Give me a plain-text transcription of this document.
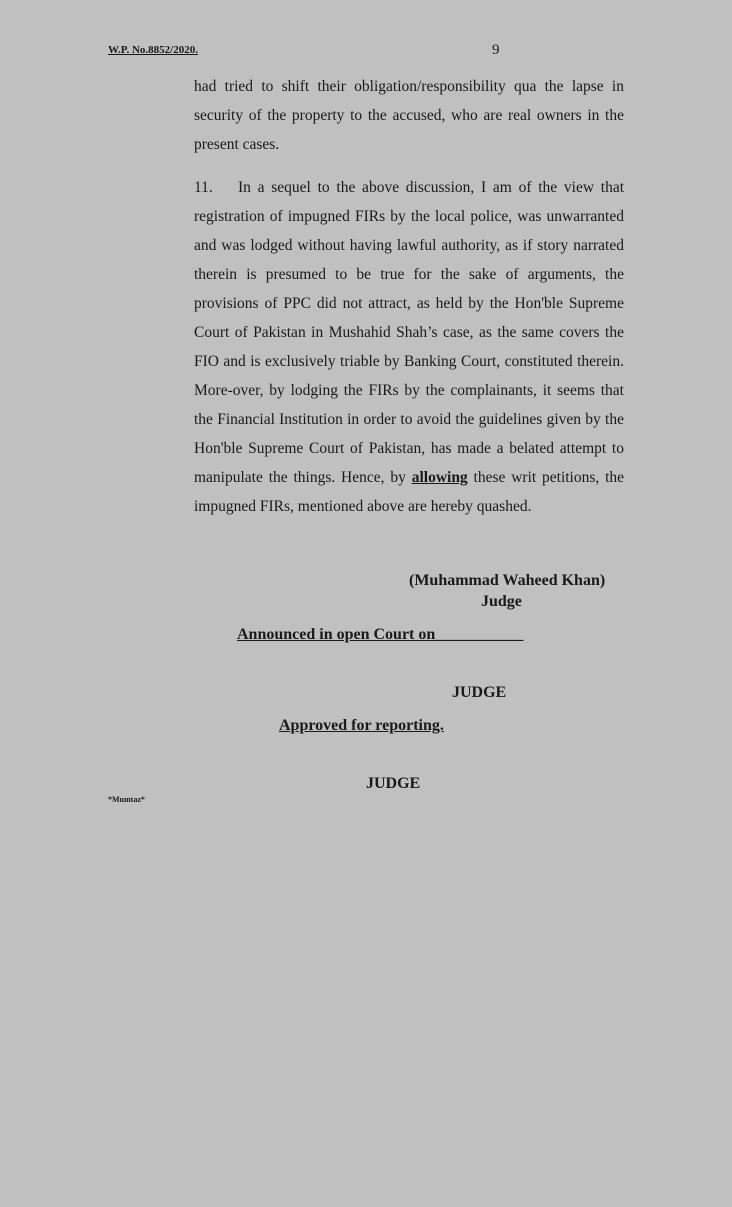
W.P. No.8852/2020.	9

had tried to shift their obligation/responsibility qua the lapse in security of the property to the accused, who are real owners in the present cases.

11. In a sequel to the above discussion, I am of the view that registration of impugned FIRs by the local police, was unwarranted and was lodged without having lawful authority, as if story narrated therein is presumed to be true for the sake of arguments, the provisions of PPC did not attract, as held by the Hon'ble Supreme Court of Pakistan in Mushahid Shah’s case, as the same covers the FIO and is exclusively triable by Banking Court, constituted therein. More-over, by lodging the FIRs by the complainants, it seems that the Financial Institution in order to avoid the guidelines given by the Hon'ble Supreme Court of Pakistan, has made a belated attempt to manipulate the things. Hence, by allowing these writ petitions, the impugned FIRs, mentioned above are hereby quashed.

(Muhammad Waheed Khan)
Judge
Announced in open Court on___________
JUDGE
Approved for reporting.
JUDGE
*Mumtaz*
